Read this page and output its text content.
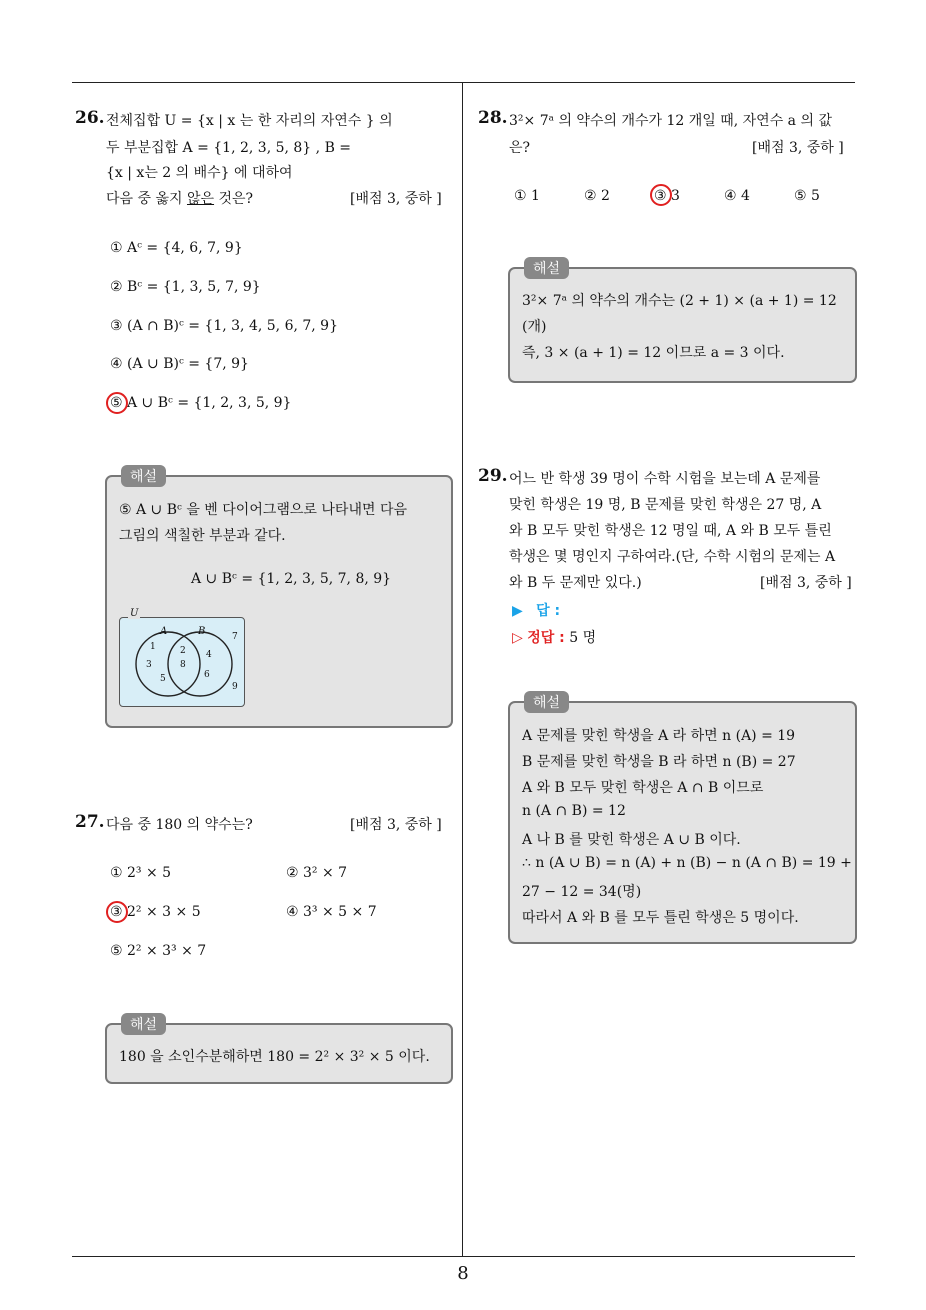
8
26. 전체집합 U = {x | x 는 한 자리의 자연수 } 의
두 부분집합 A = {1, 2, 3, 5, 8} , B =
{x | x는 2 의 배수} 에 대하여
다음 중 옳지 않은 것은?	[배점 3, 중하 ]
① Aᶜ = {4, 6, 7, 9}
② Bᶜ = {1, 3, 5, 7, 9}
③ (A ∩ B)ᶜ = {1, 3, 4, 5, 6, 7, 9}
④ (A ∪ B)ᶜ = {7, 9}
⑤ A ∪ Bᶜ = {1, 2, 3, 5, 9}
해설
⑤ A ∪ Bᶜ 을 벤 다이어그램으로 나타내면 다음
그림의 색칠한 부분과 같다.
A ∪ Bᶜ = {1, 2, 3, 5, 7, 8, 9}
U
A	B
1
3
5
2
8
4
6
7
9
27. 다음 중 180 의 약수는?	[배점 3, 중하 ]
① 2³ × 5	② 3² × 7
③ 2² × 3 × 5	④ 3³ × 5 × 7
⑤ 2² × 3³ × 7
해설
180 을 소인수분해하면 180 = 2² × 3² × 5 이다.
28. 3²× 7ᵃ 의 약수의 개수가 12 개일 때, 자연수 a 의 값
은?	[배점 3, 중하 ]
① 1	② 2	③ 3	④ 4	⑤ 5
해설
3²× 7ᵃ 의 약수의 개수는 (2 + 1) × (a + 1) = 12
(개)
즉, 3 × (a + 1) = 12 이므로 a = 3 이다.
29. 어느 반 학생 39 명이 수학 시험을 보는데 A 문제를
맞힌 학생은 19 명, B 문제를 맞힌 학생은 27 명, A
와 B 모두 맞힌 학생은 12 명일 때, A 와 B 모두 틀린
학생은 몇 명인지 구하여라.(단, 수학 시험의 문제는 A
와 B 두 문제만 있다.)	[배점 3, 중하 ]
▶ 답 :
▷ 정답 : 5 명
해설
A 문제를 맞힌 학생을 A 라 하면 n (A) = 19
B 문제를 맞힌 학생을 B 라 하면 n (B) = 27
A 와 B 모두 맞힌 학생은 A ∩ B 이므로
n (A ∩ B) = 12
A 나 B 를 맞힌 학생은 A ∪ B 이다.
∴ n (A ∪ B) = n (A) + n (B) − n (A ∩ B) = 19 +
27 − 12 = 34(명)
따라서 A 와 B 를 모두 틀린 학생은 5 명이다.
